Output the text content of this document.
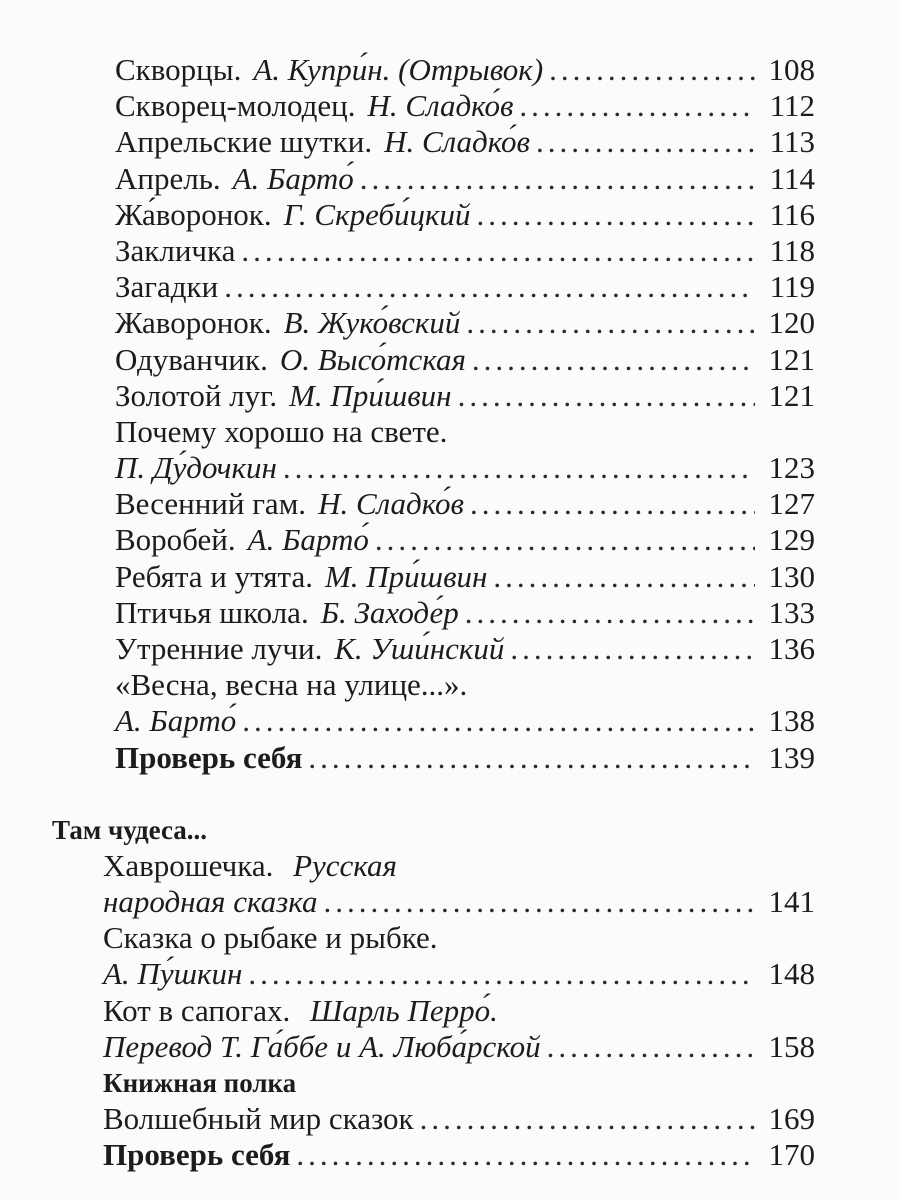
Скворцы. А. Купри́н. (Отрывок) .....	108
Скворец-молодец. Н. Сладко́в .....	112
Апрельские шутки. Н. Сладко́в .....	113
Апрель. А. Барто́ .....	114
Жа́воронок. Г. Скреби́цкий .....	116
Закличка .....	118
Загадки .....	119
Жаворонок. В. Жуко́вский .....	120
Одуванчик. О. Высо́тская .....	121
Золотой луг. М. При́швин .....	121
Почему хорошо на свете.
П. Ду́дочкин .....	123
Весенний гам. Н. Сладко́в .....	127
Воробей. А. Барто́ .....	129
Ребята и утята. М. При́швин .....	130
Птичья школа. Б. Заходе́р .....	133
Утренние лучи. К. Уши́нский .....	136
«Весна, весна на улице...».
А. Барто́ .....	138
Проверь себя .....	139
Там чудеса...
Хаврошечка. Русская
народная сказка .....	141
Сказка о рыбаке и рыбке.
А. Пу́шкин .....	148
Кот в сапогах. Шарль Перро́.
Перевод Т. Га́ббе и А. Люба́рской .....	158
Книжная полка
Волшебный мир сказок .....	169
Проверь себя .....	170
